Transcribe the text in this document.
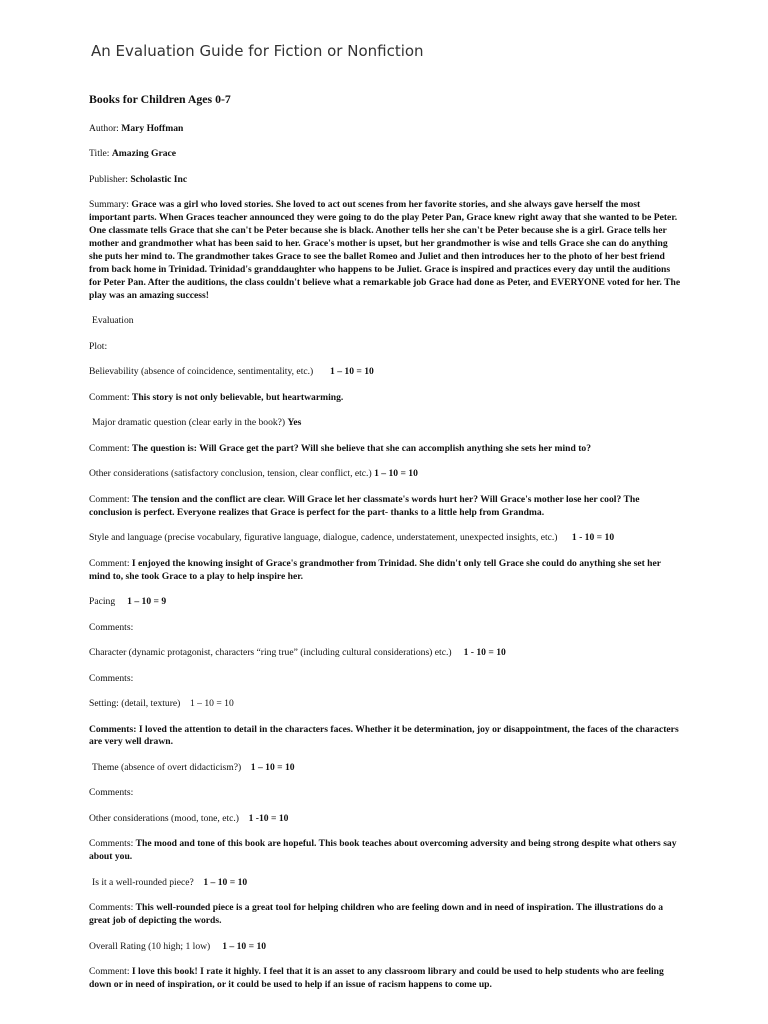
An Evaluation Guide for Fiction or Nonfiction
Books for Children Ages 0-7
Author: Mary Hoffman
Title: Amazing Grace
Publisher: Scholastic Inc
Summary: Grace was a girl who loved stories. She loved to act out scenes from her favorite stories, and she always gave herself the most important parts. When Graces teacher announced they were going to do the play Peter Pan, Grace knew right away that she wanted to be Peter. One classmate tells Grace that she can't be Peter because she is black. Another tells her she can't be Peter because she is a girl. Grace tells her mother and grandmother what has been said to her. Grace's mother is upset, but her grandmother is wise and tells Grace she can do anything she puts her mind to. The grandmother takes Grace to see the ballet Romeo and Juliet and then introduces her to the photo of her best friend from back home in Trinidad. Trinidad's granddaughter who happens to be Juliet. Grace is inspired and practices every day until the auditions for Peter Pan. After the auditions, the class couldn't believe what a remarkable job Grace had done as Peter, and EVERYONE voted for her. The play was an amazing success!
Evaluation
Plot:
Believability (absence of coincidence, sentimentality, etc.) 1 – 10 = 10
Comment: This story is not only believable, but heartwarming.
Major dramatic question (clear early in the book?) Yes
Comment: The question is: Will Grace get the part? Will she believe that she can accomplish anything she sets her mind to?
Other considerations (satisfactory conclusion, tension, clear conflict, etc.) 1 – 10 = 10
Comment: The tension and the conflict are clear. Will Grace let her classmate's words hurt her? Will Grace's mother lose her cool? The conclusion is perfect. Everyone realizes that Grace is perfect for the part- thanks to a little help from Grandma.
Style and language (precise vocabulary, figurative language, dialogue, cadence, understatement, unexpected insights, etc.) 1 - 10 = 10
Comment: I enjoyed the knowing insight of Grace's grandmother from Trinidad. She didn't only tell Grace she could do anything she set her mind to, she took Grace to a play to help inspire her.
Pacing 1 – 10 = 9
Comments:
Character (dynamic protagonist, characters “ring true” (including cultural considerations) etc.) 1 - 10 = 10
Comments:
Setting: (detail, texture) 1 – 10 = 10
Comments: I loved the attention to detail in the characters faces. Whether it be determination, joy or disappointment, the faces of the characters are very well drawn.
Theme (absence of overt didacticism?) 1 – 10 = 10
Comments:
Other considerations (mood, tone, etc.) 1 -10 = 10
Comments: The mood and tone of this book are hopeful. This book teaches about overcoming adversity and being strong despite what others say about you.
Is it a well-rounded piece? 1 – 10 = 10
Comments: This well-rounded piece is a great tool for helping children who are feeling down and in need of inspiration. The illustrations do a great job of depicting the words.
Overall Rating (10 high; 1 low) 1 – 10 = 10
Comment: I love this book! I rate it highly. I feel that it is an asset to any classroom library and could be used to help students who are feeling down or in need of inspiration, or it could be used to help if an issue of racism happens to come up.
